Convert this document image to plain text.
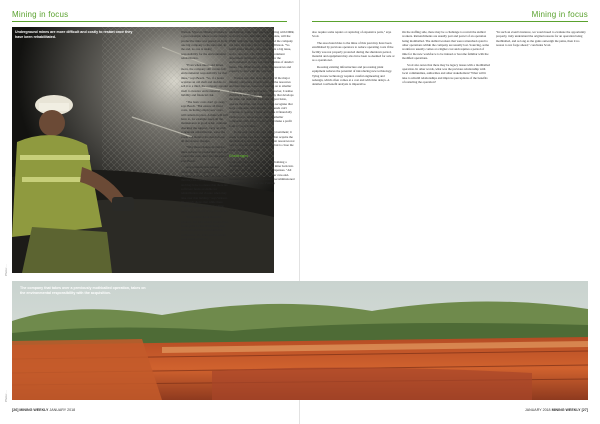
Mining in focus	Mining in focus
Underground mines are more difficult and costly to restart once they have been rehabilitated.
Photo: ...

Watson. Slyworx Mining did mine is a good example where a nice though productive mine was passed on from one big company to the next and, in the end, no one is taking responsibility for the environmental rehabilitation.

"Even when mines and mines move, the company still carries full environmental responsibility for that mine," says Beech. "So, if a junior acquires an old shaft and decides to sell it to a third, the company appoint itself to monitor environmental liability and financial risk.

"The basic costs don't go away," says Beech. "But ensure all fixed costs, including employees' costs, will remain in place. A mine will still have to, for example, keep all the maintenance in good order, continue checking the support, carry on with concurrent rehabilitation, water the roads and monitor the dust fall-out, all the slowest changes.

"Why these changes is that the mine reduces its production costs, but overall the costs don't just disappear," says Beech.

Any company that intends obtaining and re-opening a mothballed mine, needs to understand that they are taking over a liability and they have to ensure that there are sufficient funds available for rehabilitation and closure when they take over that liability," says Watson. "Research shows that while there might be sufficient funds for mine closure, it is almost like a double tax.

"Companies under financial pressure, but they cannot access these funds (held by the DMR fund) they have completed the rehabilitation programme. So, these junior miners must spend money to

rehabilitate, while their funds are sitting with DMR, and only once rehabilitation is complete, will the DMR authorise the rehabilitation and the company can have its money back," explains Watson. "So small junior mining companies this is a big issue, and a concern for the DMR, the government department ultimately responsible for the environmental closure and rehabilitation of derelict mines. The DMR already holds the resources and capacity to deal with this problem.

Watson says that in an ideal world the major mining companies would retain old the resources and then dispose, instead of passing on to smaller companies to carry the burden. "However, I realise that this is not realistic. The company that develops the mine can maintain the financial provision, operate the mine, and close it. I also recognise that large companies with massive overheads can't continue to operate a mine and make it financially viable past a certain stage, whereas smaller companies with lower costs can still make a profit from it," says Watson.

In the end, the buck stops with government; it needs to make sure that companies that acquire the mothballed operations, have sufficient resources not only to operate the mine effectively but to close the mine effectively as well.

Challenges

Scott says the main challenge of revitalising a mothballed operation is to bring the mine back into operation with minimal unplanned expenses. "All machinery that has been placed under care-and-maintenance will need to be tested, recommissioned and certified as safe for use. Primary

also require some repairs or replacing of expensive parts," says Scott.

The associated risks to the mine of this past may have been established by previous operators to reduce operating costs if the facility was not properly protected during the shutdown period, material and equipment may also have been re-deemed for sale or as a operational.

Re-using existing infrastructure and processing plant equipment reduces the potential of introducing new technology. Tying in new technology requires careful engineering and redesign, which often comes at a cost and with time delays. A detailed cost/benefit analysis is imperative.

On the staffing side, there may be a challenge to recruit the skilled workers. Retrenchments are usually part and parcel of an operation being mothballed. The skilled workers that were retrenched opted to other operations within the company are usually lost. Sourcing, some workforce usually comes at a higher cost and requires a period of time for the new workforce to be trained or become familiar with the modified operations.

Scott also notes that there may be legacy issues with a mothballed operation. In other words, what was the previous relationship with local communities, authorities and other stakeholders? What will it take to rebuild relationships and improve perceptions of the benefits of restarting the operation?

"In such an event's instance, we would need to evaluate the opportunity properly, truly understand the original reasons for an operation being mothballed, and as long as the gains outweigh the pains, then it no reason to not forge ahead," concludes Scott.

The company that takes over a previously mothballed operation, takes on the environmental responsibility with the acquisition.
Photo: ...
[26] MINING WEEKLY JANUARY 2018	JANUARY 2018 MINING WEEKLY [27]
